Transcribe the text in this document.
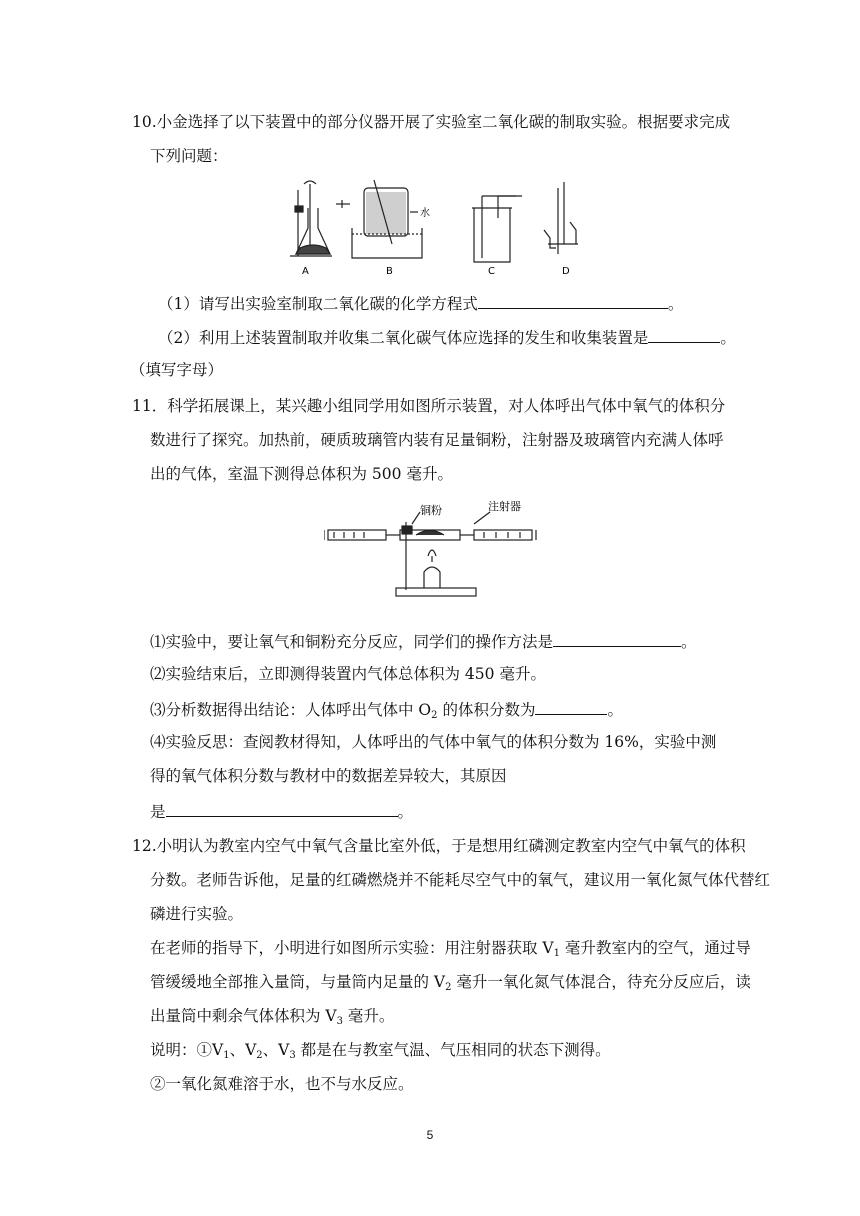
10.小金选择了以下装置中的部分仪器开展了实验室二氧化碳的制取实验。根据要求完成
下列问题：
A	B	C	D
水
（1）请写出实验室制取二氧化碳的化学方程式	。
（2）利用上述装置制取并收集二氧化碳气体应选择的发生和收集装置是	。
（填写字母）
11．科学拓展课上，某兴趣小组同学用如图所示装置，对人体呼出气体中氧气的体积分
数进行了探究。加热前，硬质玻璃管内装有足量铜粉，注射器及玻璃管内充满人体呼
出的气体，室温下测得总体积为 500 毫升。
铜粉	注射器
⑴实验中，要让氧气和铜粉充分反应，同学们的操作方法是	。
⑵实验结束后，立即测得装置内气体总体积为 450 毫升。
⑶分析数据得出结论：人体呼出气体中 $O_2$ 的体积分数为	。
⑷实验反思：查阅教材得知，人体呼出的气体中氧气的体积分数为 16%，实验中测
得的氧气体积分数与教材中的数据差异较大，其原因
是	。
12.小明认为教室内空气中氧气含量比室外低，于是想用红磷测定教室内空气中氧气的体积
分数。老师告诉他，足量的红磷燃烧并不能耗尽空气中的氧气，建议用一氧化氮气体代替红
磷进行实验。
在老师的指导下，小明进行如图所示实验：用注射器获取 $V_1$ 毫升教室内的空气，通过导
管缓缓地全部推入量筒，与量筒内足量的 $V_2$ 毫升一氧化氮气体混合，待充分反应后，读
出量筒中剩余气体体积为 $V_3$ 毫升。
说明：$①V_1$、$V_2$、$V_3$ 都是在与教室气温、气压相同的状态下测得。
②一氧化氮难溶于水，也不与水反应。
5
